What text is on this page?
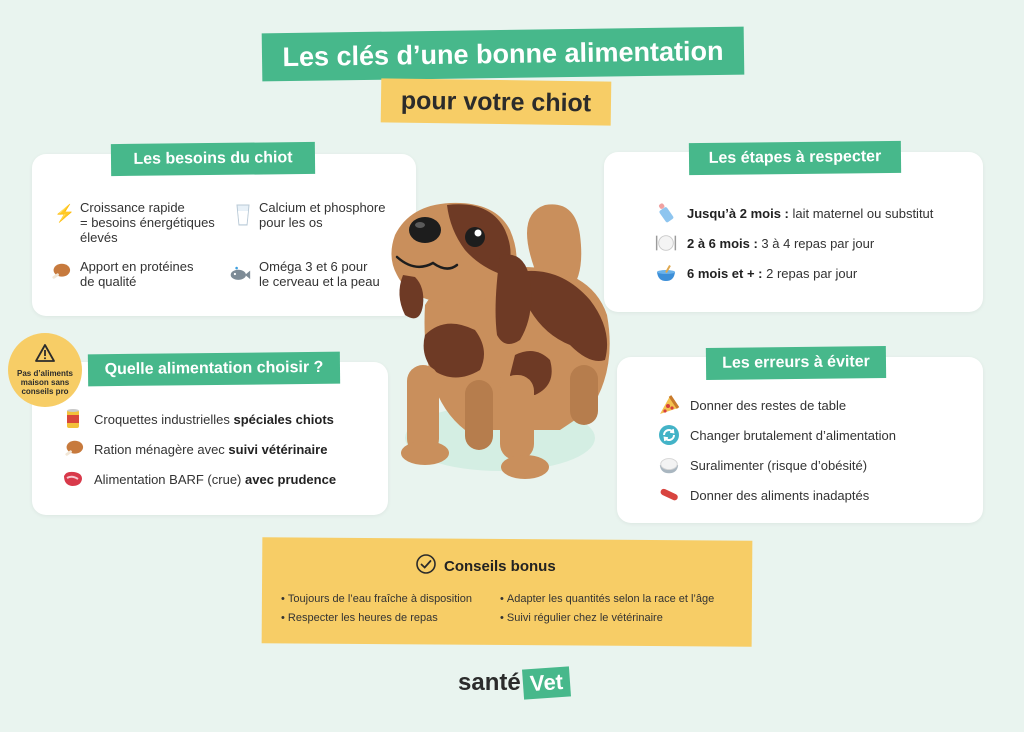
Les clés d’une bonne alimentation
pour votre chiot
Les besoins du chiot
⚡ Croissance rapide
= besoins énergétiques
élevés
Calcium et phosphore
pour les os
Apport en protéines
de qualité
Oméga 3 et 6 pour
le cerveau et la peau
Les étapes à respecter
Jusqu’à 2 mois : lait maternel ou substitut
2 à 6 mois : 3 à 4 repas par jour
6 mois et + : 2 repas par jour
Quelle alimentation choisir ?
Croquettes industrielles spéciales chiots
Ration ménagère avec suivi vétérinaire
Alimentation BARF (crue) avec prudence
Pas d’aliments
maison sans
conseils pro
Les erreurs à éviter
Donner des restes de table
Changer brutalement d’alimentation
Suralimenter (risque d’obésité)
Donner des aliments inadaptés
Conseils bonus
• Toujours de l’eau fraîche à disposition	• Adapter les quantités selon la race et l’âge
• Respecter les heures de repas	• Suivi régulier chez le vétérinaire
santé Vet
